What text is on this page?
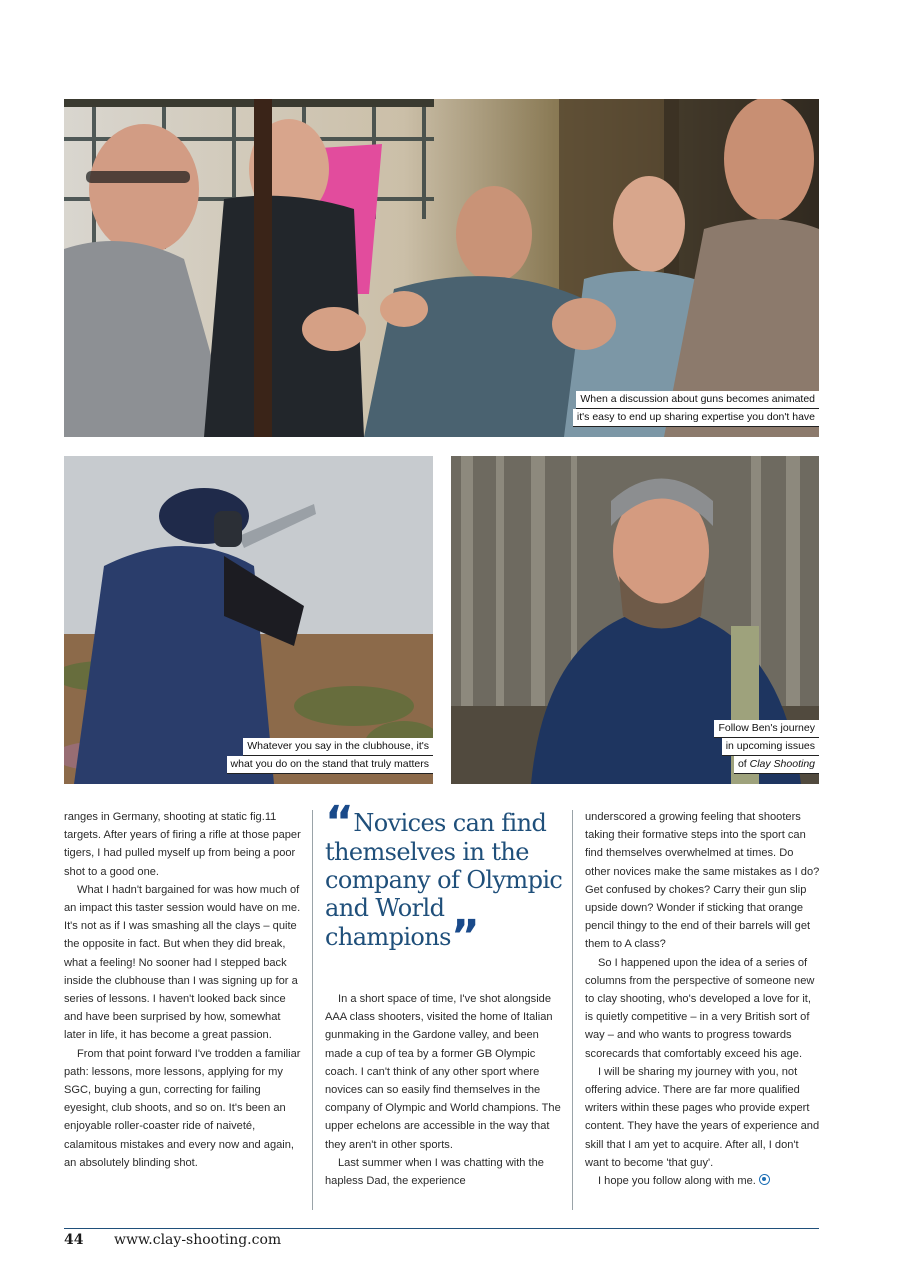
When a discussion about guns becomes animated
it's easy to end up sharing expertise you don't have
Whatever you say in the clubhouse, it's
what you do on the stand that truly matters
Follow Ben's journey
in upcoming issues
of Clay Shooting

ranges in Germany, shooting at static fig.11 targets. After years of firing a rifle at those paper tigers, I had pulled myself up from being a poor shot to a good one.

What I hadn't bargained for was how much of an impact this taster session would have on me. It's not as if I was smashing all the clays – quite the opposite in fact. But when they did break, what a feeling! No sooner had I stepped back inside the clubhouse than I was signing up for a series of lessons. I haven't looked back since and have been surprised by how, somewhat later in life, it has become a great passion.

From that point forward I've trodden a familiar path: lessons, more lessons, applying for my SGC, buying a gun, correcting for failing eyesight, club shoots, and so on. It's been an enjoyable roller-coaster ride of naiveté, calamitous mistakes and every now and again, an absolutely blinding shot.

“Novices can find themselves in the company of Olympic and World champions”

In a short space of time, I've shot alongside AAA class shooters, visited the home of Italian gunmaking in the Gardone valley, and been made a cup of tea by a former GB Olympic coach. I can't think of any other sport where novices can so easily find themselves in the company of Olympic and World champions. The upper echelons are accessible in the way that they aren't in other sports.

Last summer when I was chatting with the hapless Dad, the experience

underscored a growing feeling that shooters taking their formative steps into the sport can find themselves overwhelmed at times. Do other novices make the same mistakes as I do? Get confused by chokes? Carry their gun slip upside down? Wonder if sticking that orange pencil thingy to the end of their barrels will get them to A class?

So I happened upon the idea of a series of columns from the perspective of someone new to clay shooting, who's developed a love for it, is quietly competitive – in a very British sort of way – and who wants to progress towards scorecards that comfortably exceed his age.

I will be sharing my journey with you, not offering advice. There are far more qualified writers within these pages who provide expert content. They have the years of experience and skill that I am yet to acquire. After all, I don't want to become 'that guy'.

I hope you follow along with me.

44 www.clay-shooting.com
